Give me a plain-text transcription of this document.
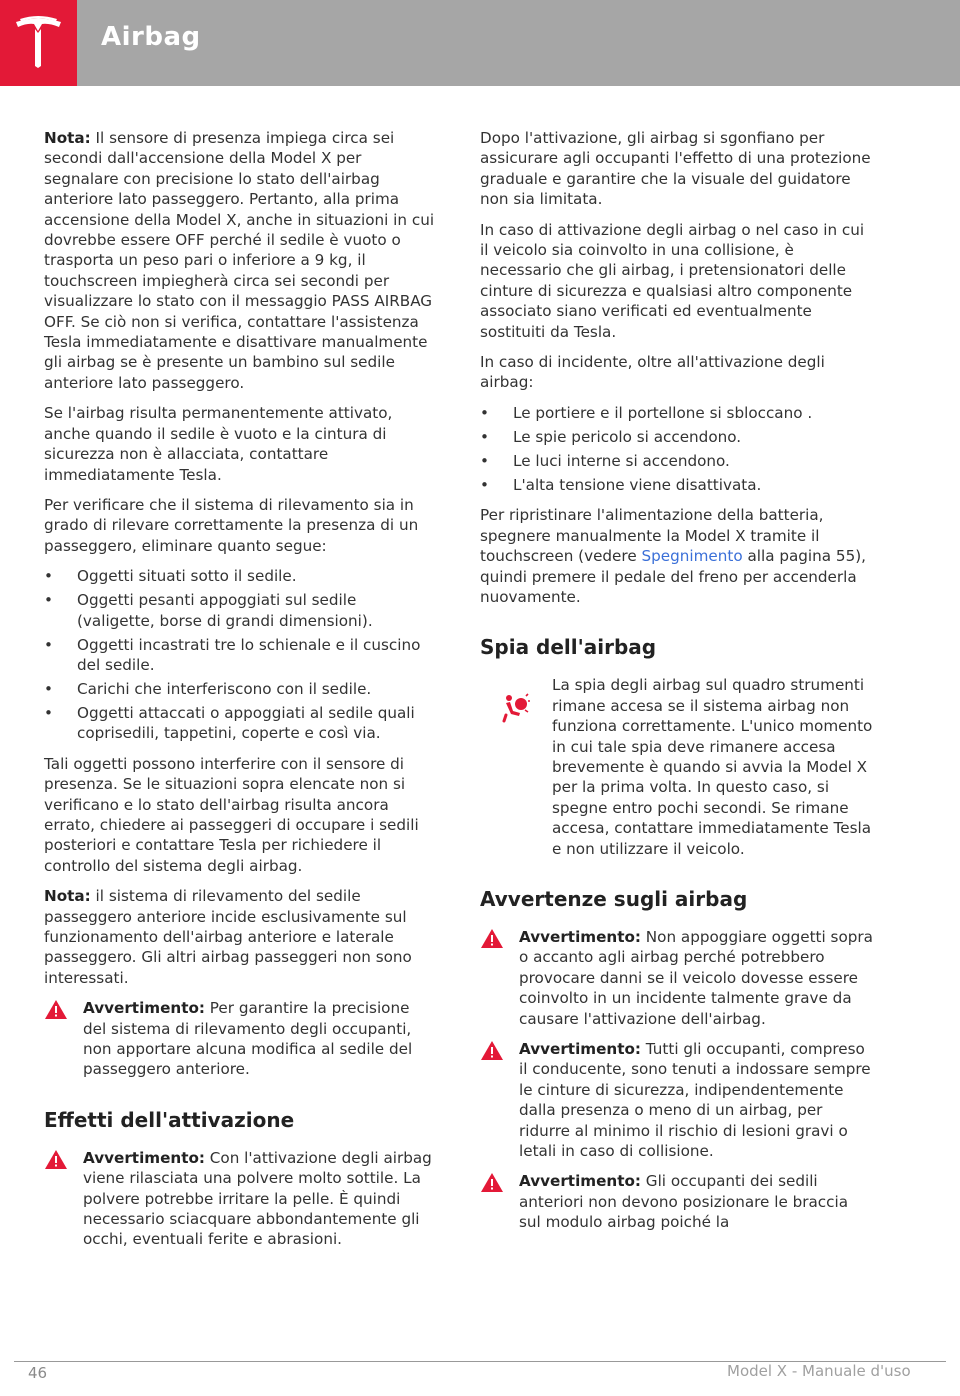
Airbag

Nota: Il sensore di presenza impiega circa sei secondi dall'accensione della Model X per segnalare con precisione lo stato dell'airbag anteriore lato passeggero. Pertanto, alla prima accensione della Model X, anche in situazioni in cui dovrebbe essere OFF perché il sedile è vuoto o trasporta un peso pari o inferiore a 9 kg, il touchscreen impiegherà circa sei secondi per visualizzare lo stato con il messaggio PASS AIRBAG OFF. Se ciò non si verifica, contattare l'assistenza Tesla immediatamente e disattivare manualmente gli airbag se è presente un bambino sul sedile anteriore lato passeggero.

Se l'airbag risulta permanentemente attivato, anche quando il sedile è vuoto e la cintura di sicurezza non è allacciata, contattare immediatamente Tesla.

Per verificare che il sistema di rilevamento sia in grado di rilevare correttamente la presenza di un passeggero, eliminare quanto segue:

• Oggetti situati sotto il sedile.
• Oggetti pesanti appoggiati sul sedile (valigette, borse di grandi dimensioni).
• Oggetti incastrati tre lo schienale e il cuscino del sedile.
• Carichi che interferiscono con il sedile.
• Oggetti attaccati o appoggiati al sedile quali coprisedili, tappetini, coperte e così via.

Tali oggetti possono interferire con il sensore di presenza. Se le situazioni sopra elencate non si verificano e lo stato dell'airbag risulta ancora errato, chiedere ai passeggeri di occupare i sedili posteriori e contattare Tesla per richiedere il controllo del sistema degli airbag.

Nota: il sistema di rilevamento del sedile passeggero anteriore incide esclusivamente sul funzionamento dell'airbag anteriore e laterale passeggero. Gli altri airbag passeggeri non sono interessati.

Avvertimento: Per garantire la precisione del sistema di rilevamento degli occupanti, non apportare alcuna modifica al sedile del passeggero anteriore.
Effetti dell'attivazione
Avvertimento: Con l'attivazione degli airbag viene rilasciata una polvere molto sottile. La polvere potrebbe irritare la pelle. È quindi necessario sciacquare abbondantemente gli occhi, eventuali ferite e abrasioni.

Dopo l'attivazione, gli airbag si sgonfiano per assicurare agli occupanti l'effetto di una protezione graduale e garantire che la visuale del guidatore non sia limitata.

In caso di attivazione degli airbag o nel caso in cui il veicolo sia coinvolto in una collisione, è necessario che gli airbag, i pretensionatori delle cinture di sicurezza e qualsiasi altro componente associato siano verificati ed eventualmente sostituiti da Tesla.

In caso di incidente, oltre all'attivazione degli airbag:

• Le portiere e il portellone si sbloccano .
• Le spie pericolo si accendono.
• Le luci interne si accendono.
• L'alta tensione viene disattivata.

Per ripristinare l'alimentazione della batteria, spegnere manualmente la Model X tramite il touchscreen (vedere Spegnimento alla pagina 55), quindi premere il pedale del freno per accenderla nuovamente.

Spia dell'airbag
La spia degli airbag sul quadro strumenti rimane accesa se il sistema airbag non funziona correttamente. L'unico momento in cui tale spia deve rimanere accesa brevemente è quando si avvia la Model X per la prima volta. In questo caso, si spegne entro pochi secondi. Se rimane accesa, contattare immediatamente Tesla e non utilizzare il veicolo.
Avvertenze sugli airbag
Avvertimento: Non appoggiare oggetti sopra o accanto agli airbag perché potrebbero provocare danni se il veicolo dovesse essere coinvolto in un incidente talmente grave da causare l'attivazione dell'airbag.
Avvertimento: Tutti gli occupanti, compreso il conducente, sono tenuti a indossare sempre le cinture di sicurezza, indipendentemente dalla presenza o meno di un airbag, per ridurre al minimo il rischio di lesioni gravi o letali in caso di collisione.
Avvertimento: Gli occupanti dei sedili anteriori non devono posizionare le braccia sul modulo airbag poiché la
46	Model X - Manuale d'uso
